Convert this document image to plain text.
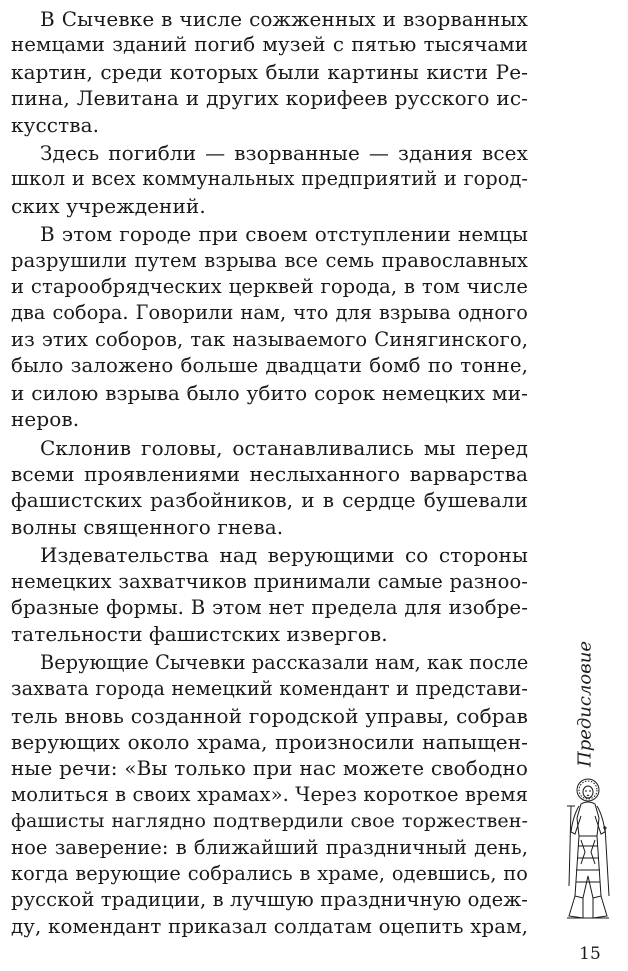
В Сычевке в числе сожженных и взорванных
немцами зданий погиб музей с пятью тысячами
картин, среди которых были картины кисти Ре-
пина, Левитана и других корифеев русского ис-
кусства.
Здесь погибли — взорванные — здания всех
школ и всех коммунальных предприятий и город-
ских учреждений.
В этом городе при своем отступлении немцы
разрушили путем взрыва все семь православных
и старообрядческих церквей города, в том числе
два собора. Говорили нам, что для взрыва одного
из этих соборов, так называемого Синягинского,
было заложено больше двадцати бомб по тонне,
и силою взрыва было убито сорок немецких ми-
неров.
Склонив головы, останавливались мы перед
всеми проявлениями неслыханного варварства
фашистских разбойников, и в сердце бушевали
волны священного гнева.
Издевательства над верующими со стороны
немецких захватчиков принимали самые разноо-
бразные формы. В этом нет предела для изобре-
тательности фашистских извергов.
Верующие Сычевки рассказали нам, как после
захвата города немецкий комендант и представи-
тель вновь созданной городской управы, собрав
верующих около храма, произносили напыщен-
ные речи: «Вы только при нас можете свободно
молиться в своих храмах». Через короткое время
фашисты наглядно подтвердили свое торжествен-
ное заверение: в ближайший праздничный день,
когда верующие собрались в храме, одевшись, по
русской традиции, в лучшую праздничную одеж-
ду, комендант приказал солдатам оцепить храм,
Предисловие
15
